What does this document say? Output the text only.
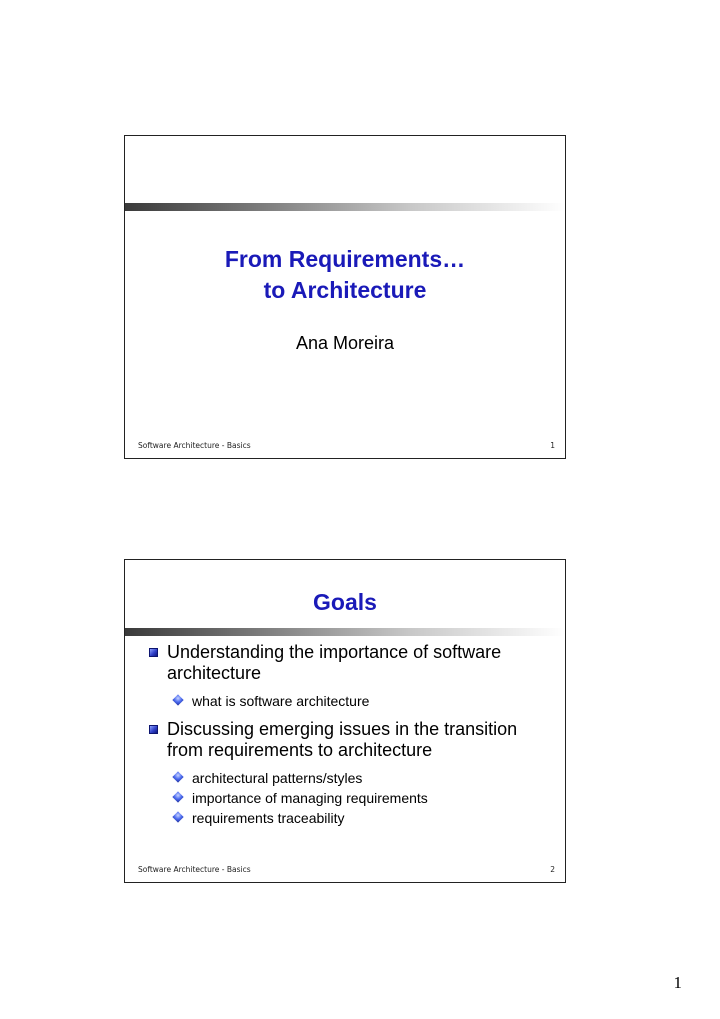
From Requirements…
to Architecture
Ana Moreira
Software Architecture - Basics	1
Goals
Understanding the importance of software architecture
what is software architecture
Discussing emerging issues in the transition from requirements to architecture
architectural patterns/styles
importance of managing requirements
requirements traceability
Software Architecture - Basics	2
1
